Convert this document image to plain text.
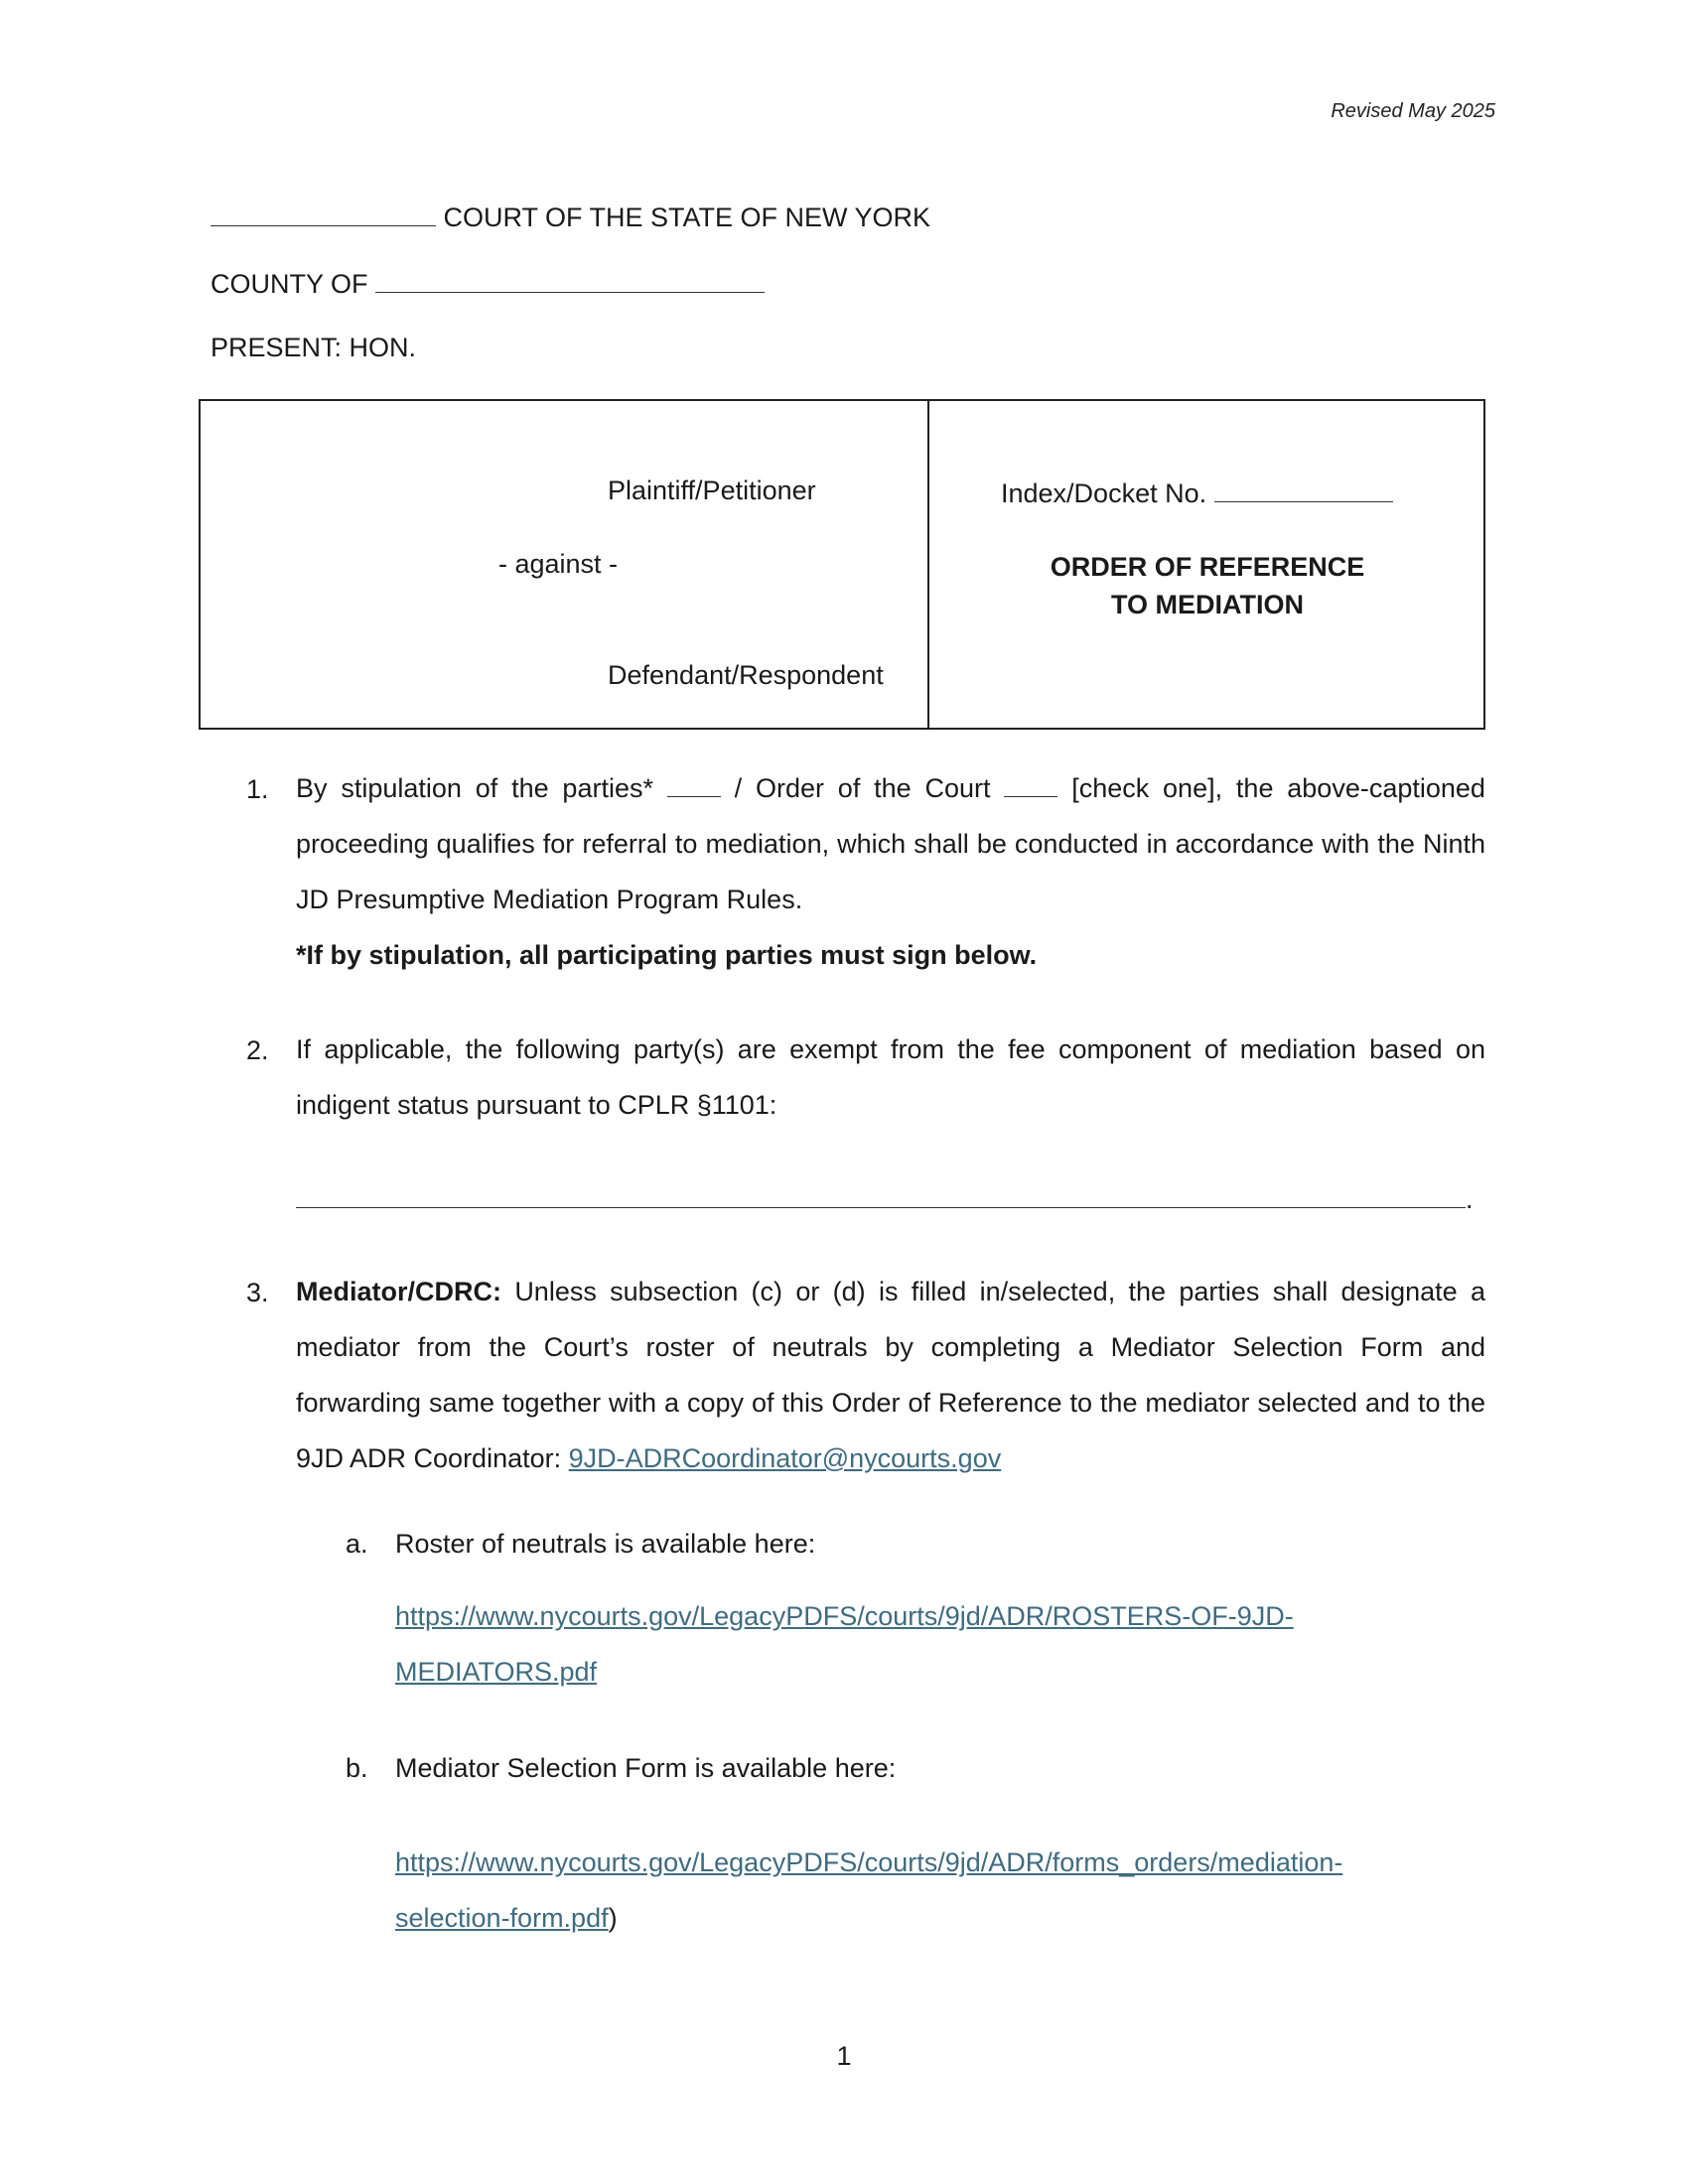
Revised May 2025
COURT OF THE STATE OF NEW YORK
COUNTY OF
PRESENT: HON.
Plaintiff/Petitioner
- against -
Defendant/Respondent
Index/Docket No.
ORDER OF REFERENCE
TO MEDIATION
1. By stipulation of the parties*	/ Order of the Court	[check one], the above-captioned proceeding qualifies for referral to mediation, which shall be conducted in accordance with the Ninth JD Presumptive Mediation Program Rules.
*If by stipulation, all participating parties must sign below.
2. If applicable, the following party(s) are exempt from the fee component of mediation based on indigent status pursuant to CPLR §1101:
.
3. Mediator/CDRC: Unless subsection (c) or (d) is filled in/selected, the parties shall designate a mediator from the Court’s roster of neutrals by completing a Mediator Selection Form and forwarding same together with a copy of this Order of Reference to the mediator selected and to the 9JD ADR Coordinator: 9JD-ADRCoordinator@nycourts.gov
a. Roster of neutrals is available here:
https://www.nycourts.gov/LegacyPDFS/courts/9jd/ADR/ROSTERS-OF-9JD-
MEDIATORS.pdf
b. Mediator Selection Form is available here:
https://www.nycourts.gov/LegacyPDFS/courts/9jd/ADR/forms_orders/mediation-
selection-form.pdf)
1
